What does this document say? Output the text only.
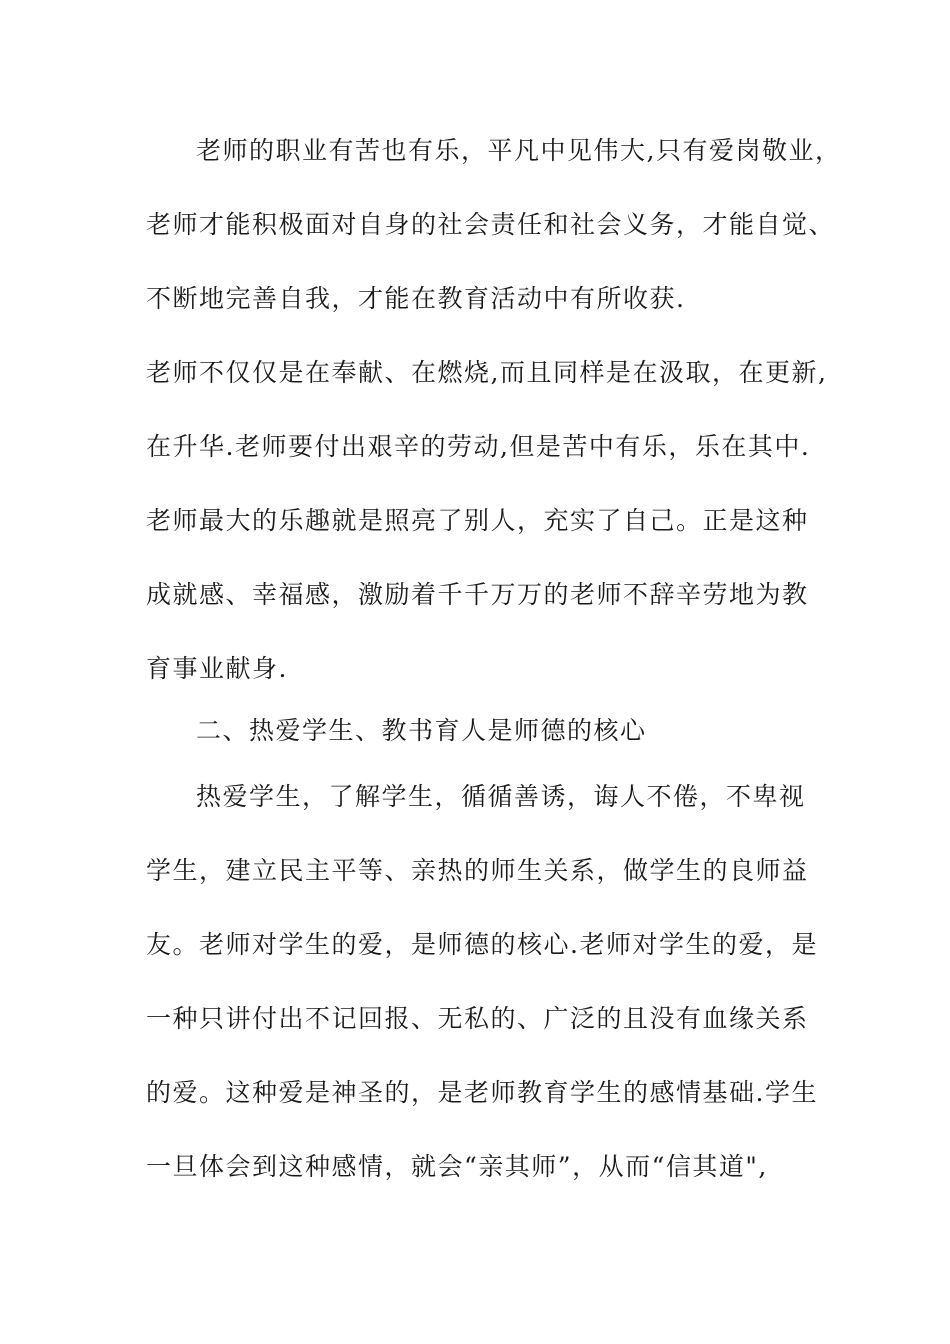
老师的职业有苦也有乐，平凡中见伟大,只有爱岗敬业，
老师才能积极面对自身的社会责任和社会义务，才能自觉、
不断地完善自我，才能在教育活动中有所收获.
老师不仅仅是在奉献、在燃烧,而且同样是在汲取，在更新,
在升华.老师要付出艰辛的劳动,但是苦中有乐，乐在其中.
老师最大的乐趣就是照亮了别人，充实了自己。正是这种
成就感、幸福感，激励着千千万万的老师不辞辛劳地为教
育事业献身.
二、热爱学生、教书育人是师德的核心
热爱学生，了解学生，循循善诱，诲人不倦，不卑视
学生，建立民主平等、亲热的师生关系，做学生的良师益
友。老师对学生的爱，是师德的核心.老师对学生的爱，是
一种只讲付出不记回报、无私的、广泛的且没有血缘关系
的爱。这种爱是神圣的，是老师教育学生的感情基础.学生
一旦体会到这种感情，就会“亲其师”，从而“信其道",
